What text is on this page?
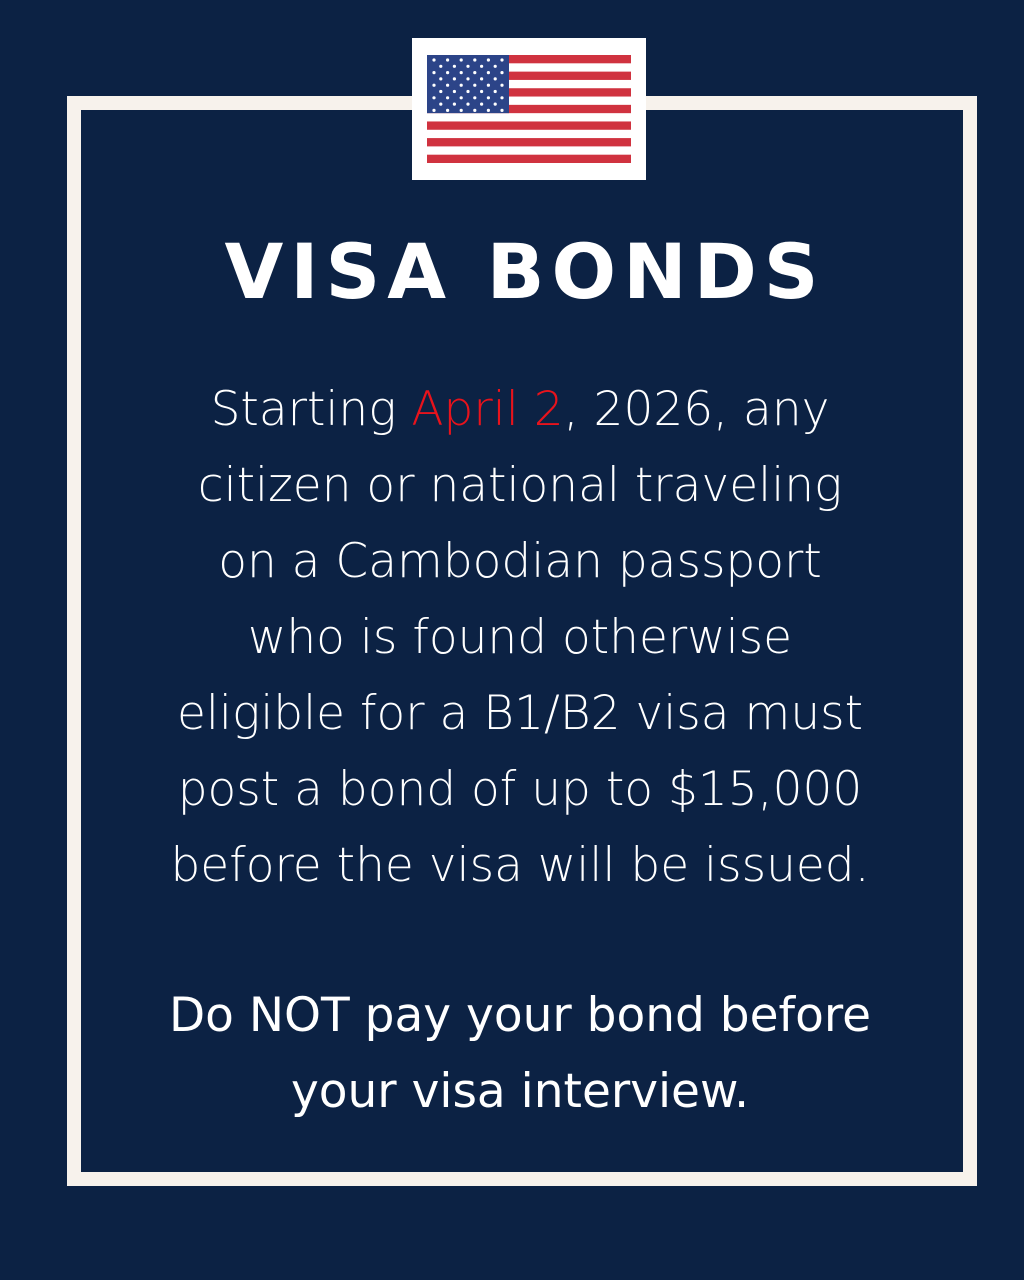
VISA BONDS

Starting April 2, 2026, any
citizen or national traveling
on a Cambodian passport
who is found otherwise
eligible for a B1/B2 visa must
post a bond of up to $15,000
before the visa will be issued.

Do NOT pay your bond before
your visa interview.
